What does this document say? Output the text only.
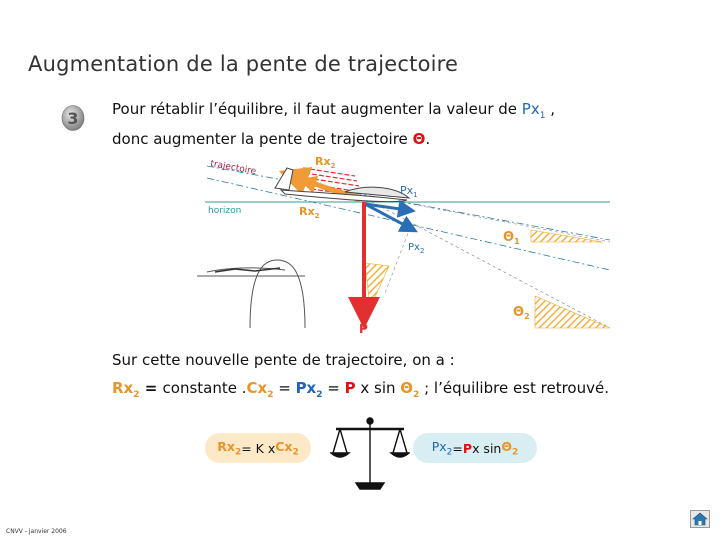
Augmentation de la pente de trajectoire
3 Pour rétablir l’équilibre, il faut augmenter la valeur de $Px_1$ ,
donc augmenter la pente de trajectoire Θ.
horizon
trajectoire	$Rx_2$
$Rx_2$
$Px_1$
$Px_2$
P
$\Theta_1$
$\Theta_2$
Sur cette nouvelle pente de trajectoire, on a :
$Rx_2$ = constante $.Cx_2 = Px_2 = P$ x $\sin \Theta_2$ ; l’équilibre est retrouvé.
$Rx_2 = K$ x $Cx_2$	$Px_2 = P$ x $\sin \Theta_2$
CNVV - janvier 2006
